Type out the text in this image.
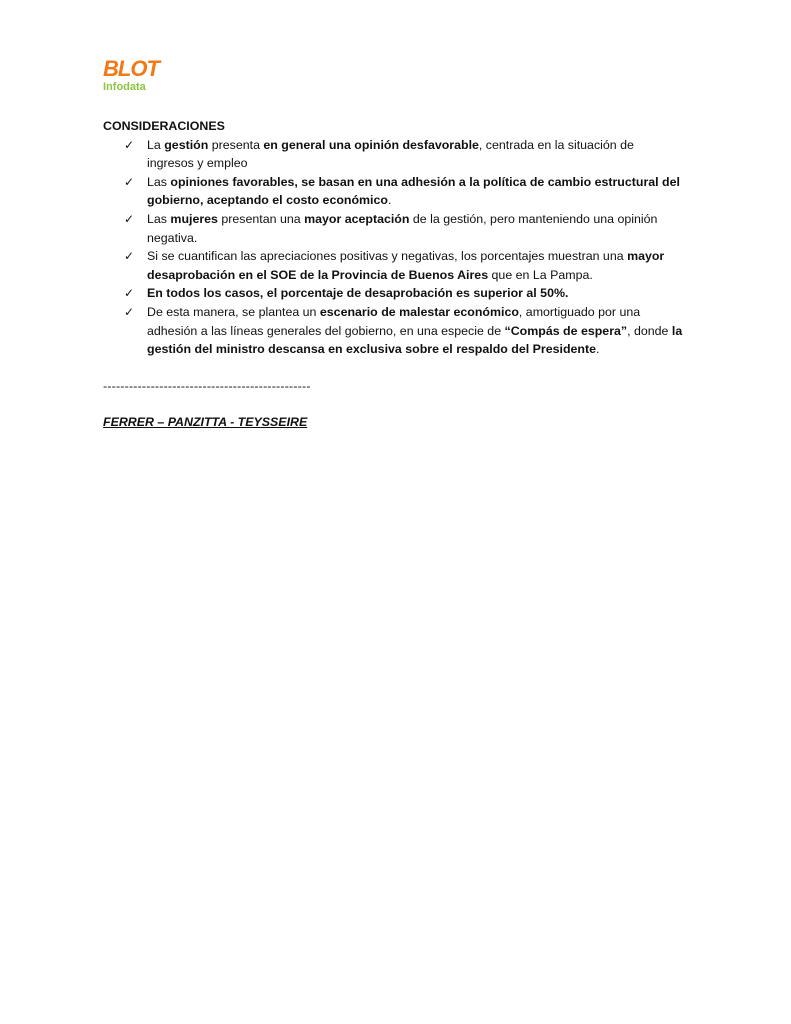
BLOT
Infodata
CONSIDERACIONES
✓ La gestión presenta en general una opinión desfavorable, centrada en la situación de ingresos y empleo
✓ Las opiniones favorables, se basan en una adhesión a la política de cambio estructural del gobierno, aceptando el costo económico.
✓ Las mujeres presentan una mayor aceptación de la gestión, pero manteniendo una opinión negativa.
✓ Si se cuantifican las apreciaciones positivas y negativas, los porcentajes muestran una mayor desaprobación en el SOE de la Provincia de Buenos Aires que en La Pampa.
✓ En todos los casos, el porcentaje de desaprobación es superior al 50%.
✓ De esta manera, se plantea un escenario de malestar económico, amortiguado por una adhesión a las líneas generales del gobierno, en una especie de “Compás de espera”, donde la gestión del ministro descansa en exclusiva sobre el respaldo del Presidente.
------------------------------------------------
FERRER – PANZITTA - TEYSSEIRE
